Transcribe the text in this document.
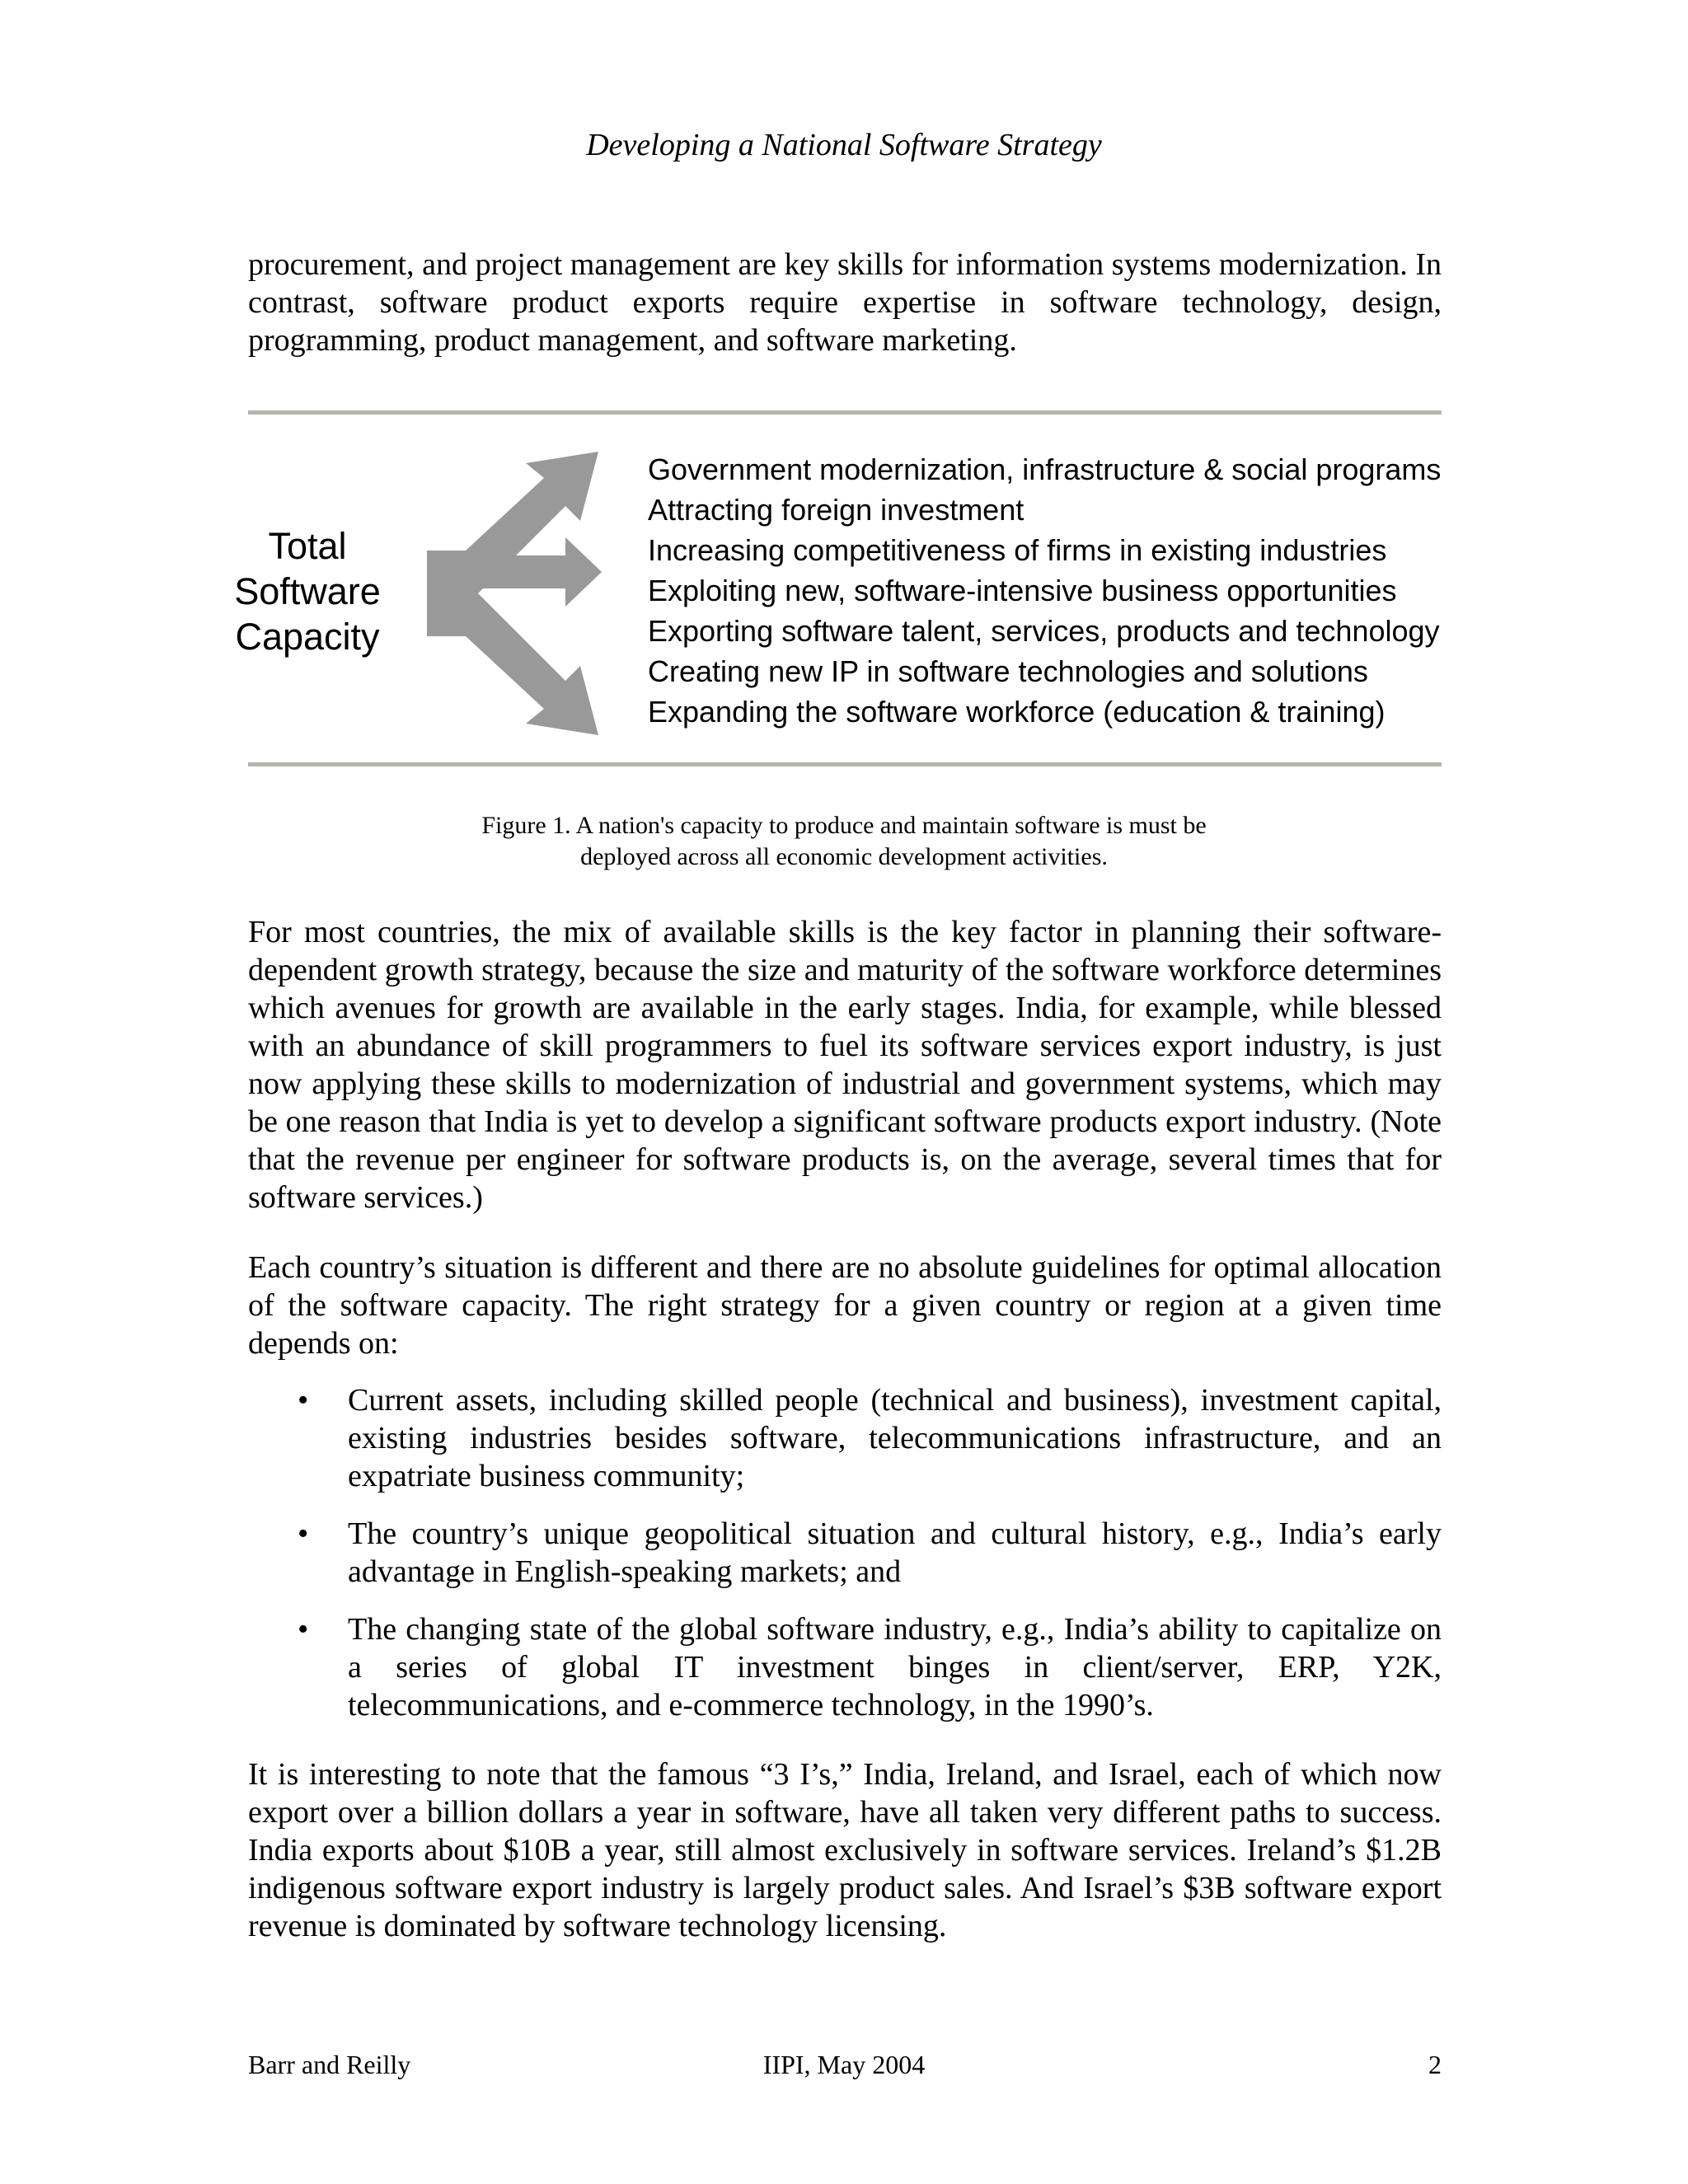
Developing a National Software Strategy

procurement, and project management are key skills for information systems modernization. In contrast, software product exports require expertise in software technology, design, programming, product management, and software marketing.

Total
Software
Capacity
Government modernization, infrastructure & social programs
Attracting foreign investment
Increasing competitiveness of firms in existing industries
Exploiting new, software-intensive business opportunities
Exporting software talent, services, products and technology
Creating new IP in software technologies and solutions
Expanding the software workforce (education & training)
Figure 1. A nation's capacity to produce and maintain software is must be
deployed across all economic development activities.

For most countries, the mix of available skills is the key factor in planning their software-dependent growth strategy, because the size and maturity of the software workforce determines which avenues for growth are available in the early stages. India, for example, while blessed with an abundance of skill programmers to fuel its software services export industry, is just now applying these skills to modernization of industrial and government systems, which may be one reason that India is yet to develop a significant software products export industry. (Note that the revenue per engineer for software products is, on the average, several times that for software services.)

Each country’s situation is different and there are no absolute guidelines for optimal allocation of the software capacity. The right strategy for a given country or region at a given time depends on:

• Current assets, including skilled people (technical and business), investment capital, existing industries besides software, telecommunications infrastructure, and an expatriate business community;
• The country’s unique geopolitical situation and cultural history, e.g., India’s early advantage in English-speaking markets; and
• The changing state of the global software industry, e.g., India’s ability to capitalize on a series of global IT investment binges in client/server, ERP, Y2K, telecommunications, and e-commerce technology, in the 1990’s.

It is interesting to note that the famous “3 I’s,” India, Ireland, and Israel, each of which now export over a billion dollars a year in software, have all taken very different paths to success. India exports about $10B a year, still almost exclusively in software services. Ireland’s $1.2B indigenous software export industry is largely product sales. And Israel’s $3B software export revenue is dominated by software technology licensing.

Barr and Reilly	IIPI, May 2004	2
